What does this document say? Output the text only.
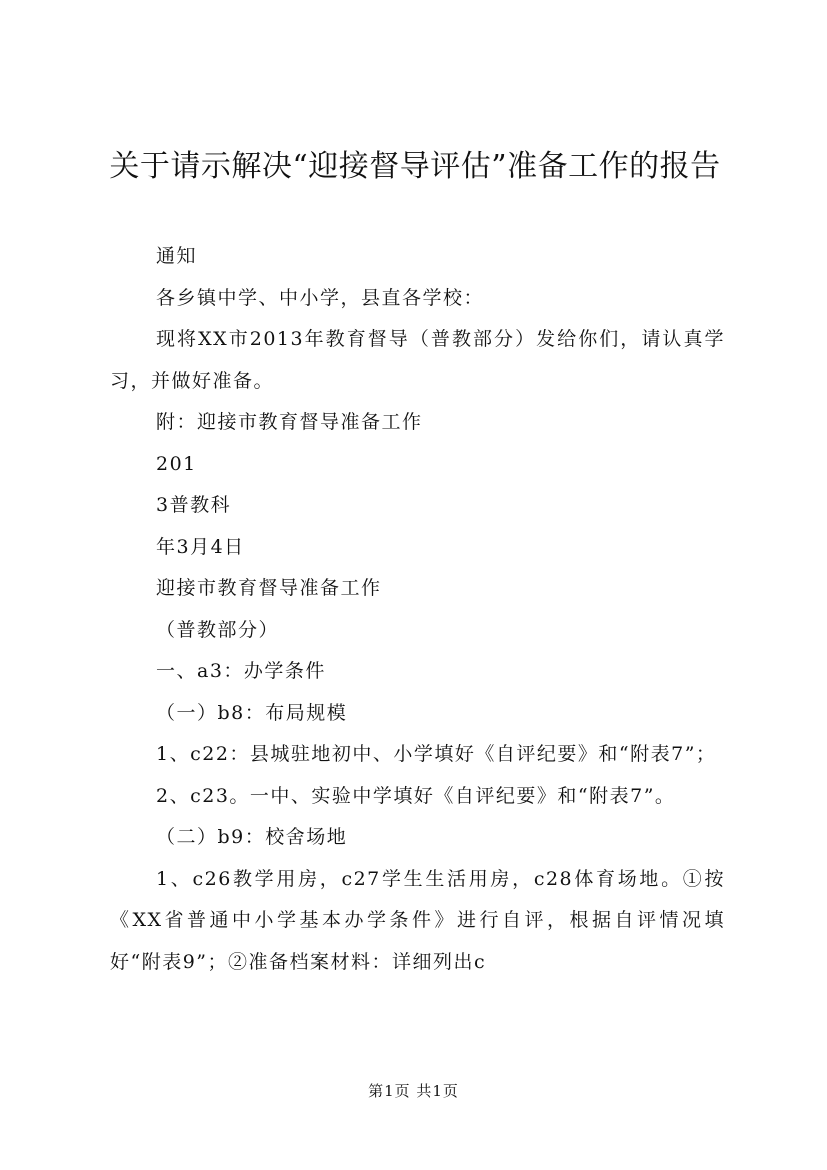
关于请示解决“迎接督导评估”准备工作的报告

通知

各乡镇中学、中小学，县直各学校：

现将XX市2013年教育督导（普教部分）发给你们，请认真学习，并做好准备。

附：迎接市教育督导准备工作

201

3普教科

年3月4日

迎接市教育督导准备工作

（普教部分）

一、a3：办学条件

（一）b8：布局规模

1、c22：县城驻地初中、小学填好《自评纪要》和“附表7”；

2、c23。一中、实验中学填好《自评纪要》和“附表7”。

（二）b9：校舍场地

1、c26教学用房，c27学生生活用房，c28体育场地。①按《XX省普通中小学基本办学条件》进行自评，根据自评情况填好“附表9”；②准备档案材料：详细列出c

第1页 共1页
